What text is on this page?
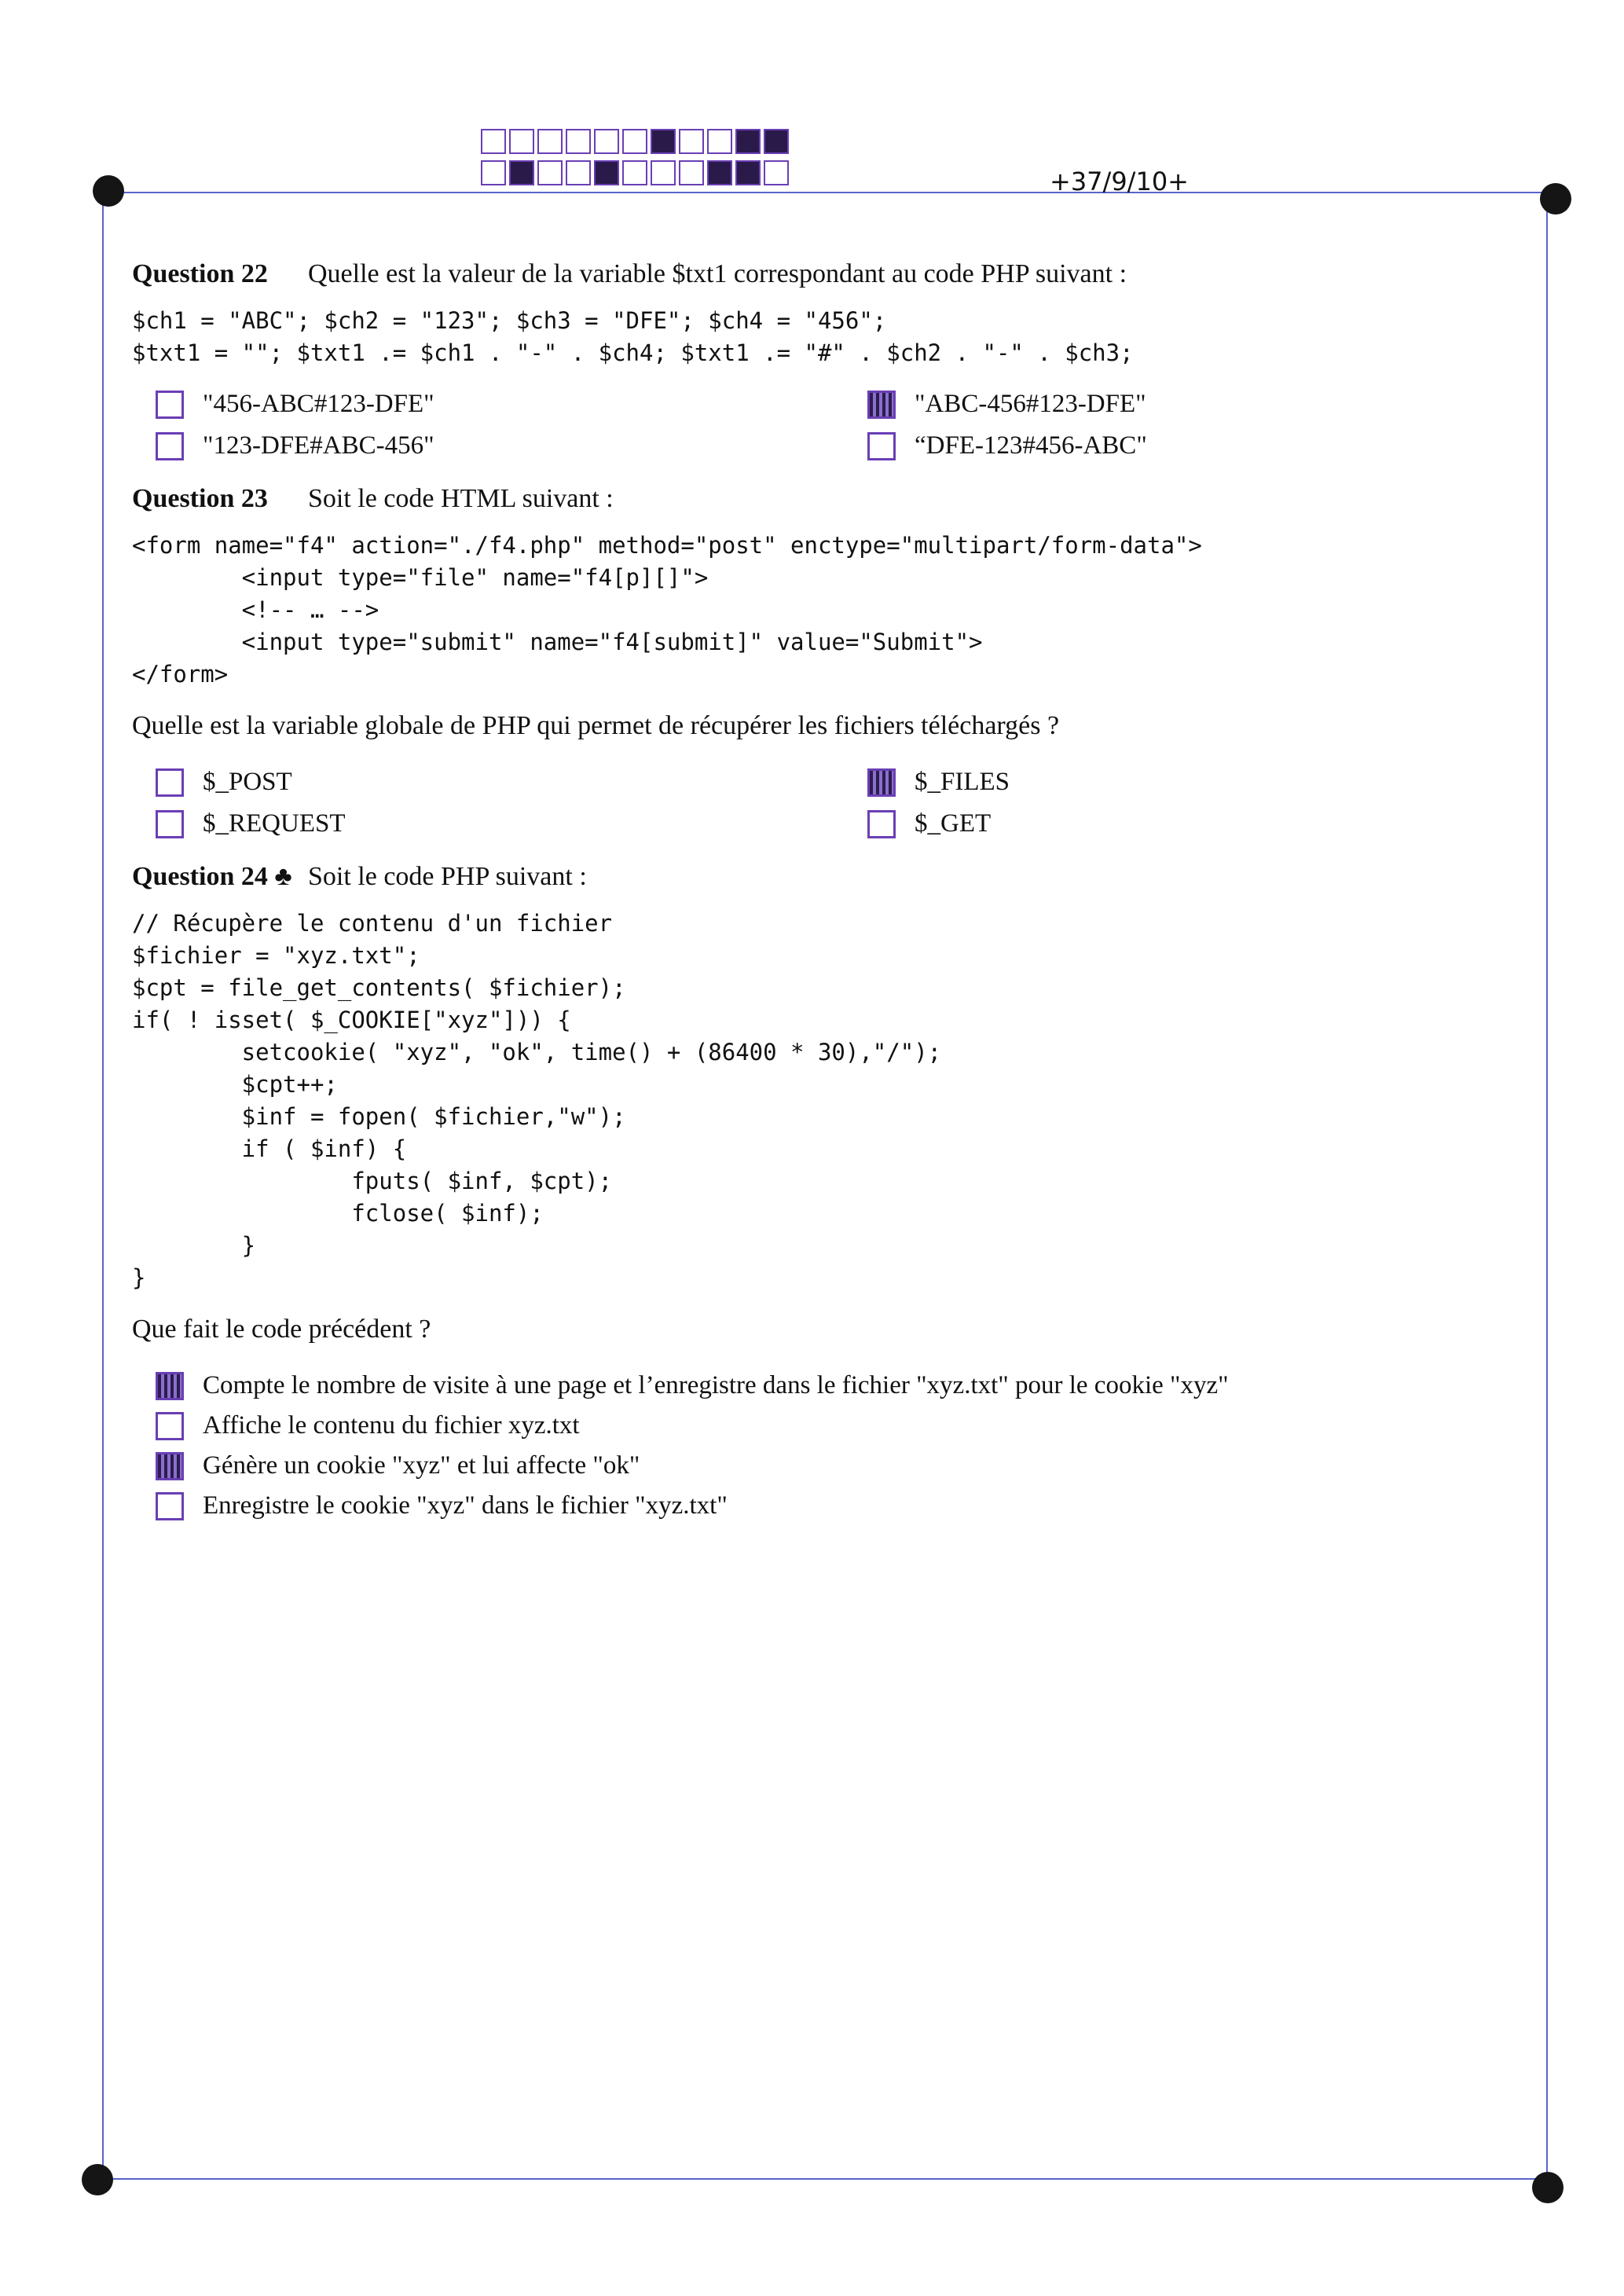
+37/9/10+
Question 22	Quelle est la valeur de la variable $txt1 correspondant au code PHP suivant :
$ch1 = "ABC"; $ch2 = "123"; $ch3 = "DFE"; $ch4 = "456";
$txt1 = ""; $txt1 .= $ch1 . "-" . $ch4; $txt1 .= "#" . $ch2 . "-" . $ch3;
"456-ABC#123-DFE"	"ABC-456#123-DFE"
"123-DFE#ABC-456"	“DFE-123#456-ABC"
Question 23	Soit le code HTML suivant :
<form name="f4" action="./f4.php" method="post" enctype="multipart/form-data">
<input type="file" name="f4[p][]">
<!-- … -->
<input type="submit" name="f4[submit]" value="Submit">
</form>
Quelle est la variable globale de PHP qui permet de récupérer les fichiers téléchargés ?
$_POST	$_FILES
$_REQUEST	$_GET
Question 24 ♣ Soit le code PHP suivant :
// Récupère le contenu d'un fichier
$fichier = "xyz.txt";
$cpt = file_get_contents( $fichier);
if( ! isset( $_COOKIE["xyz"])) {
setcookie( "xyz", "ok", time() + (86400 * 30),"/");
$cpt++;
$inf = fopen( $fichier,"w");
if ( $inf) {
fputs( $inf, $cpt);
fclose( $inf);
}
}
Que fait le code précédent ?
Compte le nombre de visite à une page et l’enregistre dans le fichier "xyz.txt" pour le cookie "xyz"
Affiche le contenu du fichier xyz.txt
Génère un cookie "xyz" et lui affecte "ok"
Enregistre le cookie "xyz" dans le fichier "xyz.txt"
